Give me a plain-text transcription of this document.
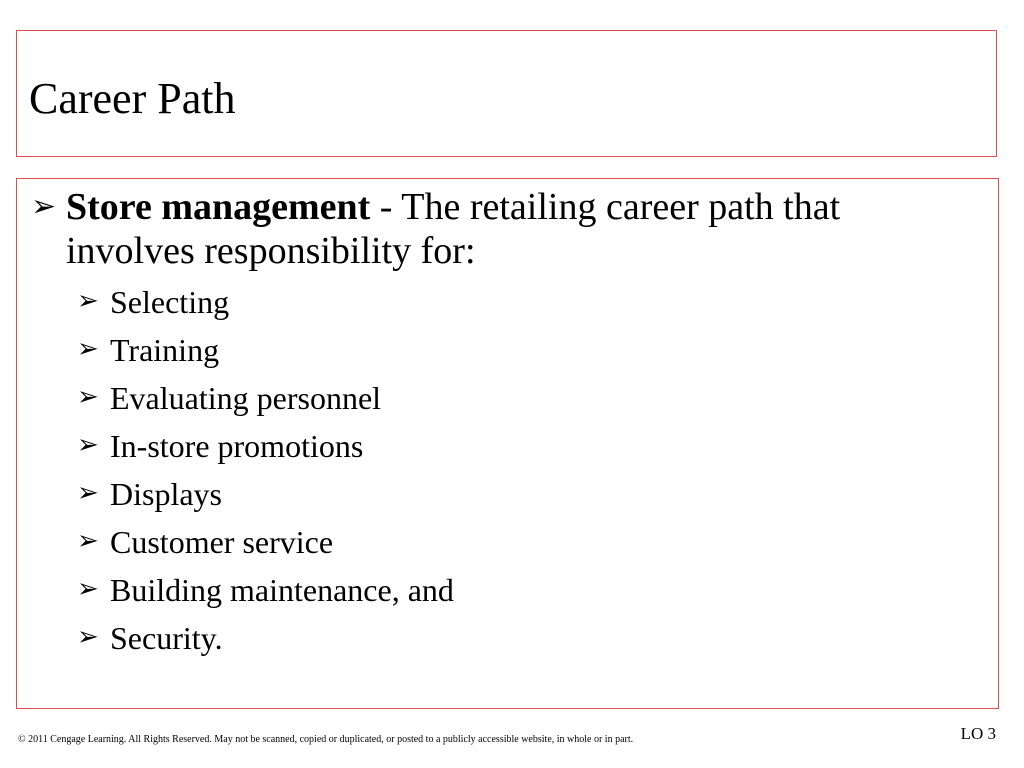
Career Path
➢ Store management - The retailing career path that involves responsibility for:
➢ Selecting
➢ Training
➢ Evaluating personnel
➢ In-store promotions
➢ Displays
➢ Customer service
➢ Building maintenance, and
➢ Security.
© 2011 Cengage Learning. All Rights Reserved. May not be scanned, copied or duplicated, or posted to a publicly accessible website, in whole or in part.	LO 3
